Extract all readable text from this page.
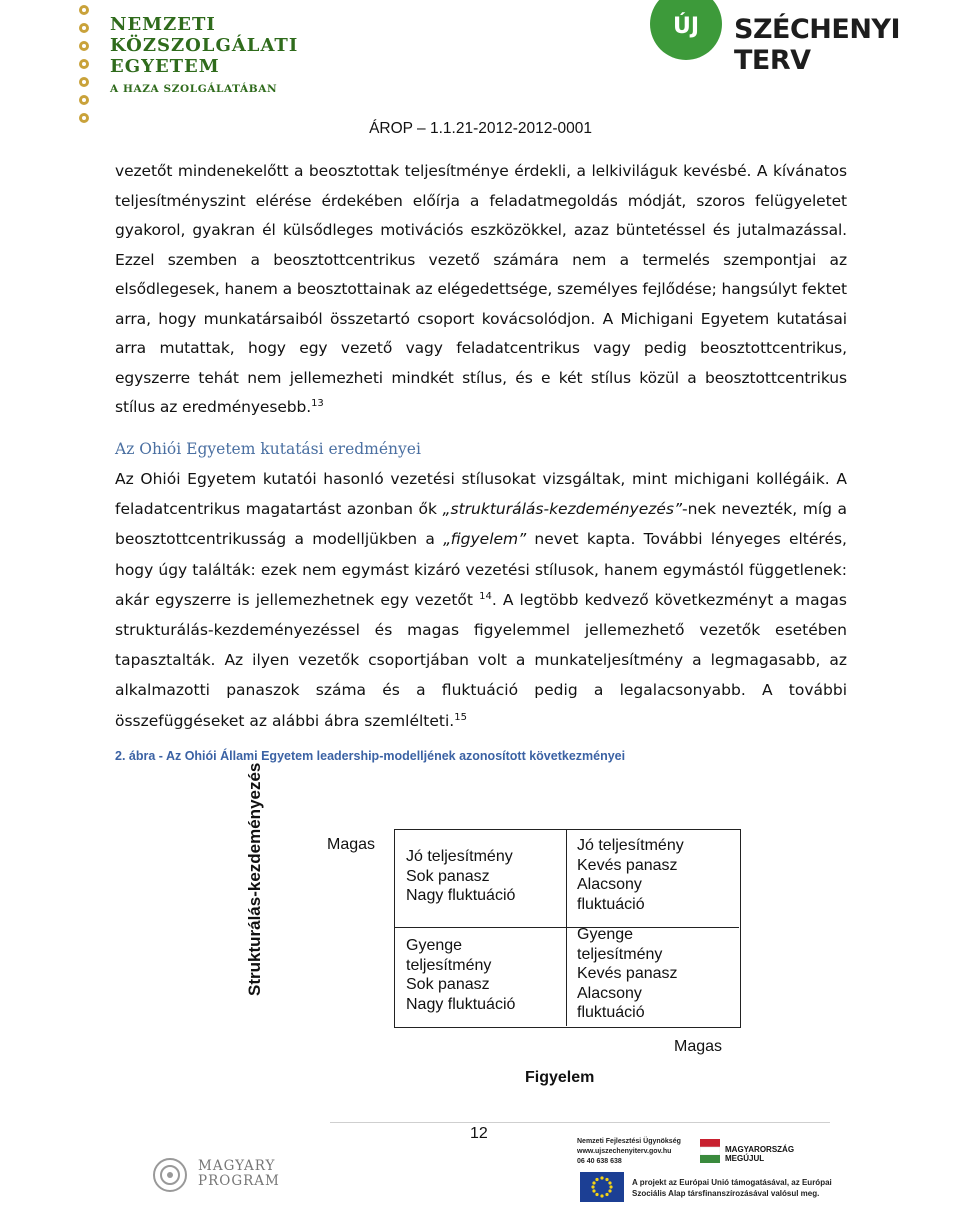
NEMZETI
KÖZSZOLGÁLATI
EGYETEM
A HAZA SZOLGÁLATÁBAN
ÚJ	SZÉCHENYI TERV
ÁROP – 1.1.21-2012-2012-0001
vezetőt mindenekelőtt a beosztottak teljesítménye érdekli, a lelkiviláguk kevésbé. A kívánatos teljesítményszint elérése érdekében előírja a feladatmegoldás módját, szoros felügyeletet gyakorol, gyakran él külsődleges motivációs eszközökkel, azaz büntetéssel és jutalmazással. Ezzel szemben a beosztottcentrikus vezető számára nem a termelés szempontjai az elsődlegesek, hanem a beosztottainak az elégedettsége, személyes fejlődése; hangsúlyt fektet arra, hogy munkatársaiból összetartó csoport kovácsolódjon. A Michigani Egyetem kutatásai arra mutattak, hogy egy vezető vagy feladatcentrikus vagy pedig beosztottcentrikus, egyszerre tehát nem jellemezheti mindkét stílus, és e két stílus közül a beosztottcentrikus stílus az eredményesebb.$^{13}$
Az Ohiói Egyetem kutatási eredményei
Az Ohiói Egyetem kutatói hasonló vezetési stílusokat vizsgáltak, mint michigani kollégáik. A feladatcentrikus magatartást azonban ők „strukturálás-kezdeményezés”-nek nevezték, míg a beosztottcentrikusság a modelljükben a „figyelem” nevet kapta. További lényeges eltérés, hogy úgy találták: ezek nem egymást kizáró vezetési stílusok, hanem egymástól függetlenek: akár egyszerre is jellemezhetnek egy vezetőt $^{14}$. A legtöbb kedvező következményt a magas strukturálás-kezdeményezéssel és magas figyelemmel jellemezhető vezetők esetében tapasztalták. Az ilyen vezetők csoportjában volt a munkateljesítmény a legmagasabb, az alkalmazotti panaszok száma és a fluktuáció pedig a legalacsonyabb. A további összefüggéseket az alábbi ábra szemlélteti.$^{15}$
2. ábra - Az Ohiói Állami Egyetem leadership-modelljének azonosított következményei
Strukturálás-kezdeményezés	Magas
Jó teljesítmény
Sok panasz
Nagy fluktuáció
Jó teljesítmény
Kevés panasz
Alacsony
fluktuáció
Gyenge
teljesítmény
Sok panasz
Nagy fluktuáció
Gyenge
teljesítmény
Kevés panasz
Alacsony
fluktuáció
Magas
Figyelem
12
MAGYARY
PROGRAM
Nemzeti Fejlesztési Ügynökség
www.ujszechenyiterv.gov.hu
06 40 638 638
MAGYARORSZÁG MEGÚJUL
A projekt az Európai Unió támogatásával, az Európai
Szociális Alap társfinanszírozásával valósul meg.
